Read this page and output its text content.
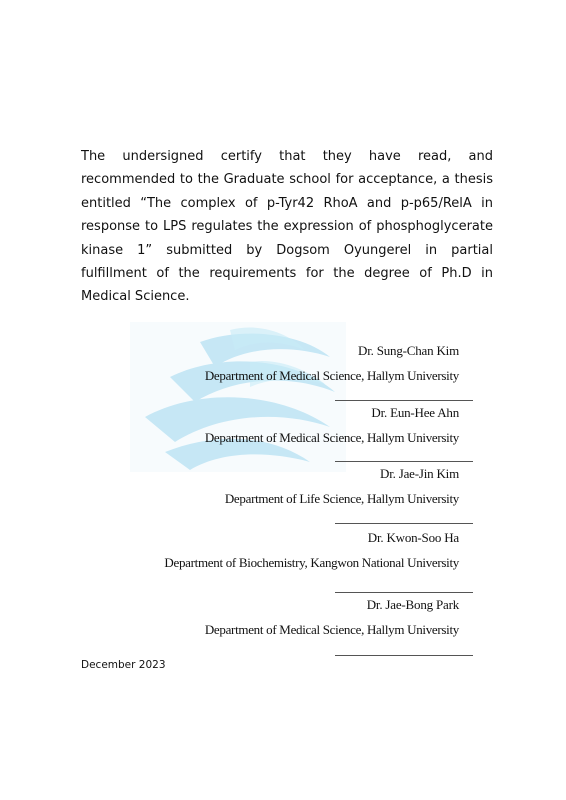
The undersigned certify that they have read, and recommended to the Graduate school for acceptance, a thesis entitled “The complex of p-Tyr42 RhoA and p-p65/RelA in response to LPS regulates the expression of phosphoglycerate kinase 1” submitted by Dogsom Oyungerel in partial fulfillment of the requirements for the degree of Ph.D in Medical Science.

Dr. Sung-Chan Kim
Department of Medical Science, Hallym University
Dr. Eun-Hee Ahn
Department of Medical Science, Hallym University
Dr. Jae-Jin Kim
Department of Life Science, Hallym University
Dr. Kwon-Soo Ha
Department of Biochemistry, Kangwon National University
Dr. Jae-Bong Park
Department of Medical Science, Hallym University
December 2023
